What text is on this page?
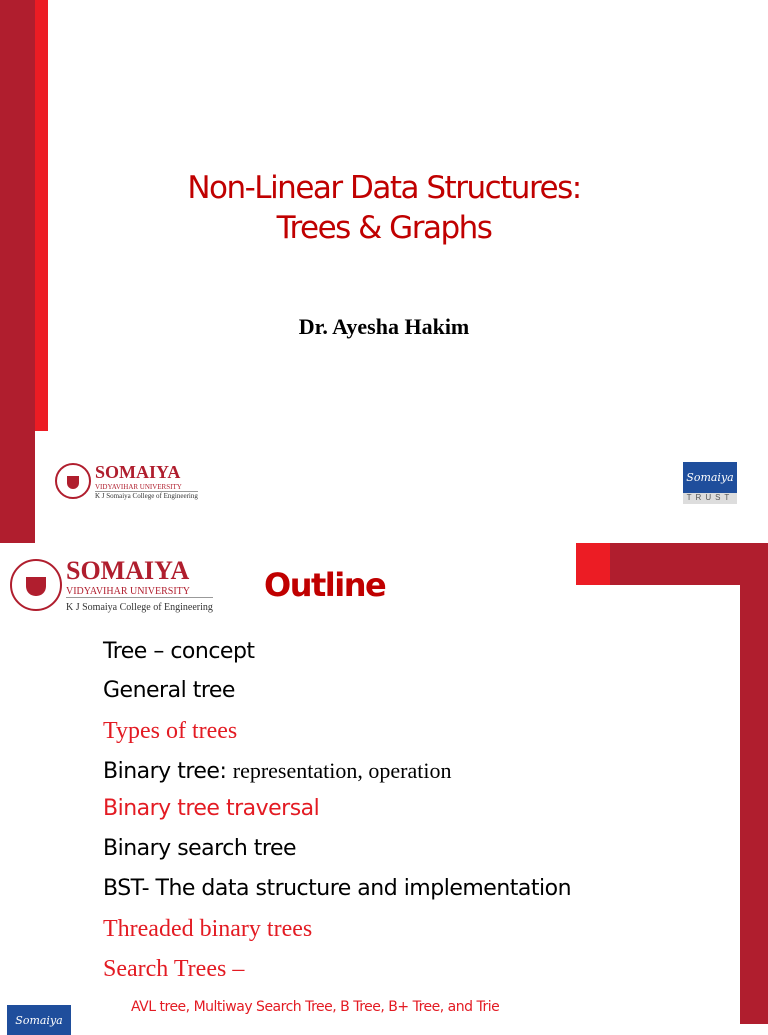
Non-Linear Data Structures:
Trees & Graphs
Dr. Ayesha Hakim
SOMAIYA
VIDYAVIHAR UNIVERSITY
K J Somaiya College of Engineering
Somaiya
TRUST
SOMAIYA
VIDYAVIHAR UNIVERSITY
K J Somaiya College of Engineering
Outline
Tree – concept
General tree
Types of trees
Binary tree: representation, operation
Binary tree traversal
Binary search tree
BST- The data structure and implementation
Threaded binary trees
Search Trees –
AVL tree, Multiway Search Tree, B Tree, B+ Tree, and Trie
Somaiya
